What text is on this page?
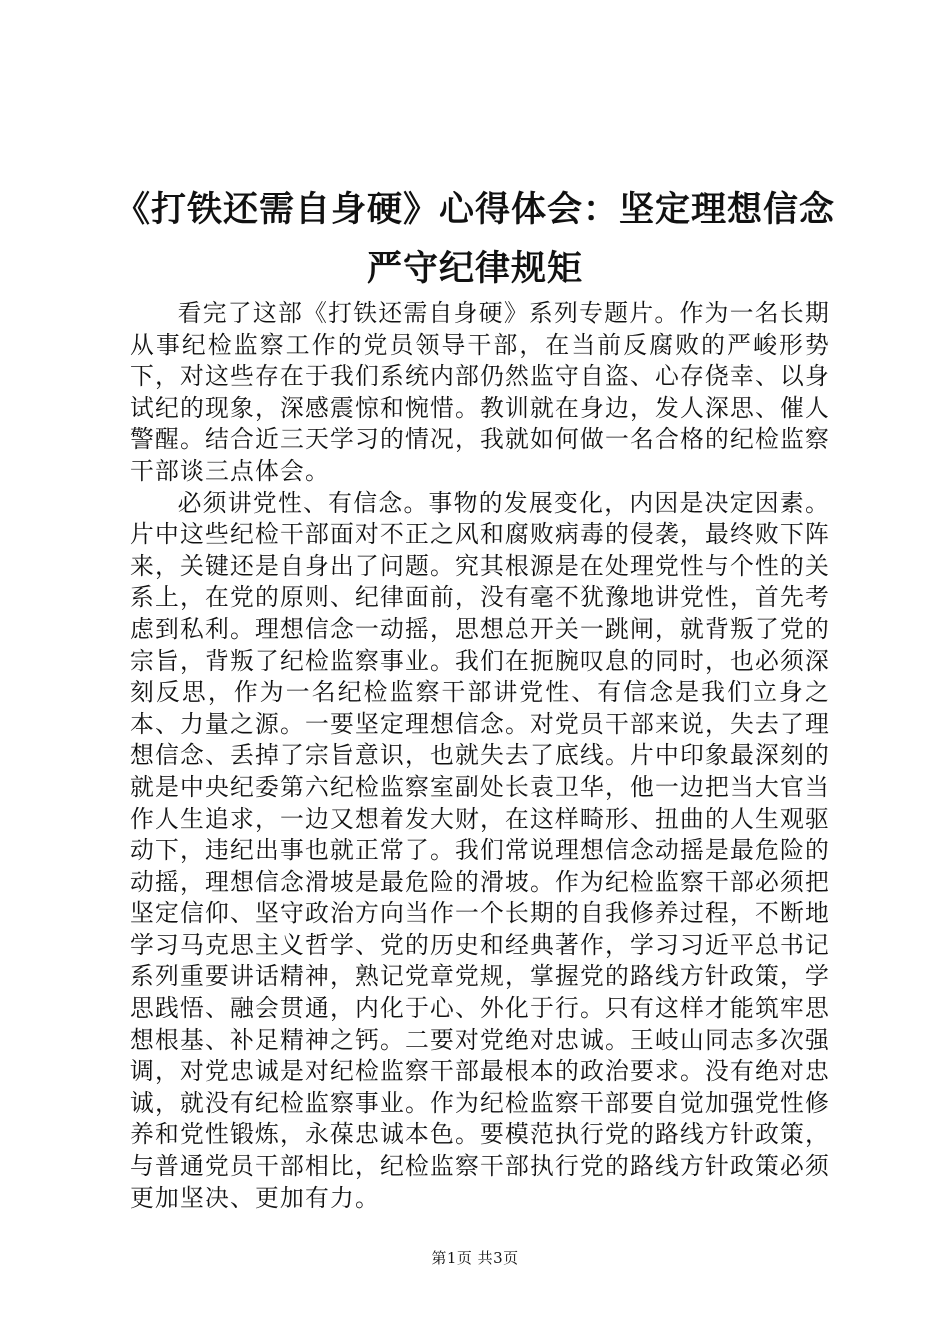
《打铁还需自身硬》心得体会：坚定理想信念
严守纪律规矩

看完了这部《打铁还需自身硬》系列专题片。作为一名长期从事纪检监察工作的党员领导干部，在当前反腐败的严峻形势下，对这些存在于我们系统内部仍然监守自盗、心存侥幸、以身试纪的现象，深感震惊和惋惜。教训就在身边，发人深思、催人警醒。结合近三天学习的情况，我就如何做一名合格的纪检监察干部谈三点体会。

必须讲党性、有信念。事物的发展变化，内因是决定因素。片中这些纪检干部面对不正之风和腐败病毒的侵袭，最终败下阵来，关键还是自身出了问题。究其根源是在处理党性与个性的关系上，在党的原则、纪律面前，没有毫不犹豫地讲党性，首先考虑到私利。理想信念一动摇，思想总开关一跳闸，就背叛了党的宗旨，背叛了纪检监察事业。我们在扼腕叹息的同时，也必须深刻反思，作为一名纪检监察干部讲党性、有信念是我们立身之本、力量之源。一要坚定理想信念。对党员干部来说，失去了理想信念、丢掉了宗旨意识，也就失去了底线。片中印象最深刻的就是中央纪委第六纪检监察室副处长袁卫华，他一边把当大官当作人生追求，一边又想着发大财，在这样畸形、扭曲的人生观驱动下，违纪出事也就正常了。我们常说理想信念动摇是最危险的动摇，理想信念滑坡是最危险的滑坡。作为纪检监察干部必须把坚定信仰、坚守政治方向当作一个长期的自我修养过程，不断地学习马克思主义哲学、党的历史和经典著作，学习习近平总书记系列重要讲话精神，熟记党章党规，掌握党的路线方针政策，学思践悟、融会贯通，内化于心、外化于行。只有这样才能筑牢思想根基、补足精神之钙。二要对党绝对忠诚。王岐山同志多次强调，对党忠诚是对纪检监察干部最根本的政治要求。没有绝对忠诚，就没有纪检监察事业。作为纪检监察干部要自觉加强党性修养和党性锻炼，永葆忠诚本色。要模范执行党的路线方针政策，与普通党员干部相比，纪检监察干部执行党的路线方针政策必须更加坚决、更加有力。

第1页 共3页
